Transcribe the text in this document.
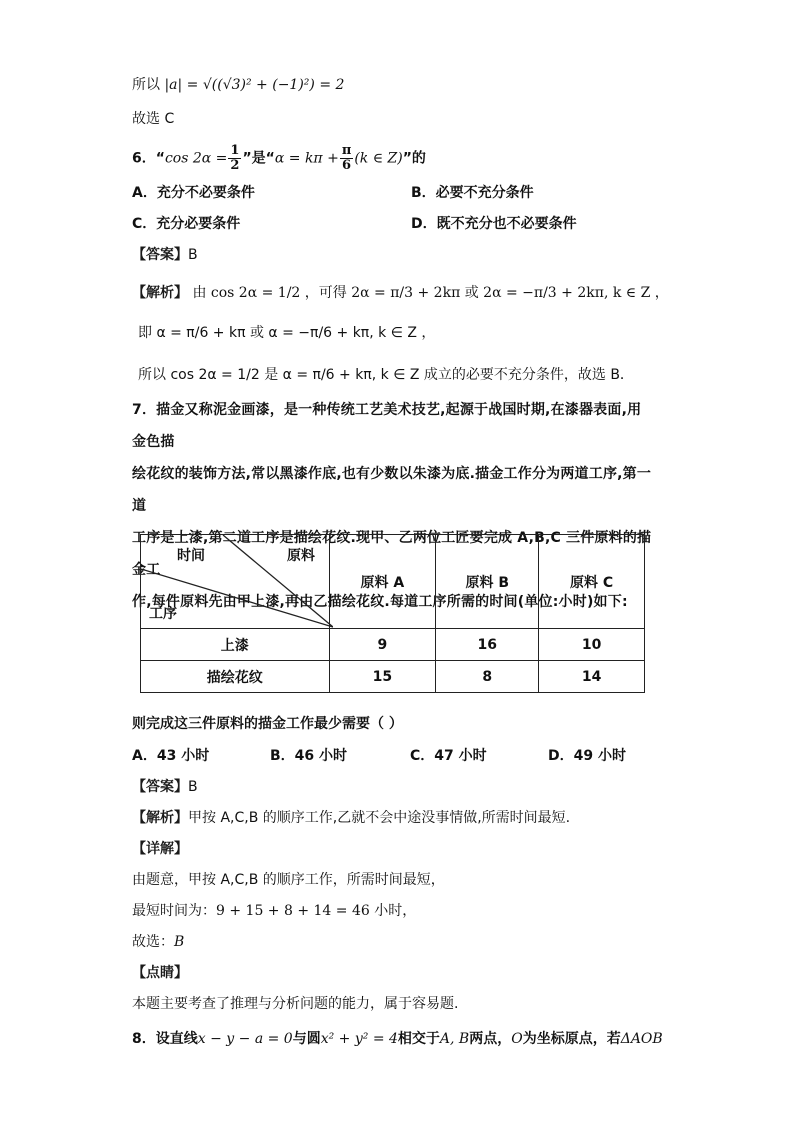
所以 |a| = √((√3)² + (−1)²) = 2
故选 C
6．“cos $2\alpha = \frac{1}{2}$ ”是“$\alpha = k\pi + \frac{\pi}{6} (k$ ∈ Z)”的
A．充分不必要条件	B．必要不充分条件
C．充分必要条件	D．既不充分也不必要条件
【答案】B
【解析】 由 cos 2α = 1/2 ，可得 2α = π/3 + 2kπ 或 2α = −π/3 + 2kπ, k ∈ Z ，
即 α = π/6 + kπ 或 α = −π/6 + kπ, k ∈ Z ，
所以 cos 2α = 1/2 是 α = π/6 + kπ, k ∈ Z 成立的必要不充分条件，故选 B．
7．描金又称泥金画漆，是一种传统工艺美术技艺,起源于战国时期,在漆器表面,用金色描
绘花纹的装饰方法,常以黑漆作底,也有少数以朱漆为底.描金工作分为两道工序,第一道
工序是上漆,第二道工序是描绘花纹.现甲、乙两位工匠要完成 A,B,C 三件原料的描金工
作,每件原料先由甲上漆,再由乙描绘花纹.每道工序所需的时间(单位:小时)如下:
时间 原料
工序	原料 A	原料 B	原料 C
上漆	9	16	10
描绘花纹	15	8	14
则完成这三件原料的描金工作最少需要（ ）
A．43 小时	B．46 小时	C．47 小时	D．49 小时
【答案】B
【解析】甲按 A,C,B 的顺序工作,乙就不会中途没事情做,所需时间最短.
【详解】
由题意，甲按 A,C,B 的顺序工作，所需时间最短，
最短时间为：9 + 15 + 8 + 14 = 46 小时，
故选：B
【点睛】
本题主要考查了推理与分析问题的能力，属于容易题.
8．设直线x − y − a = 0与圆x² + y² = 4相交于A, B两点，O为坐标原点，若ΔAOB
